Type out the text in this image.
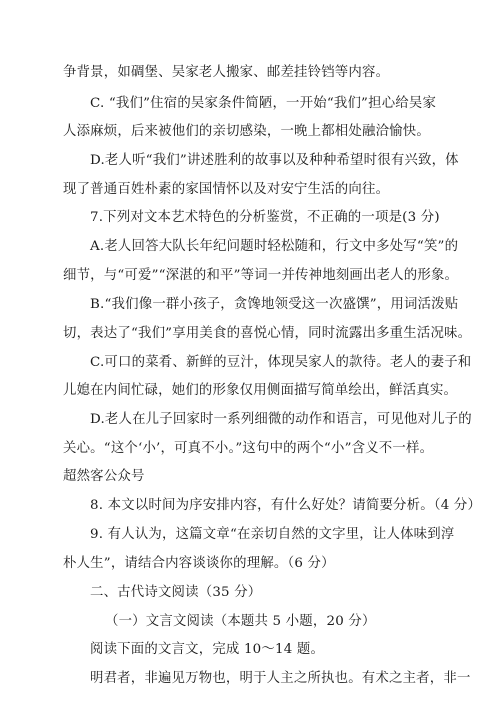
争背景，如碉堡、吴家老人搬家、邮差挂铃铛等内容。
C. “我们”住宿的吴家条件简陋，一开始“我们”担心给吴家
人添麻烦，后来被他们的亲切感染，一晚上都相处融洽愉快。
D.老人听“我们”讲述胜利的故事以及种种希望时很有兴致，体
现了普通百姓朴素的家国情怀以及对安宁生活的向往。
7.下列对文本艺术特色的分析鉴赏，不正确的一项是(3 分)
A.老人回答大队长年纪问题时轻松随和，行文中多处写“笑”的
细节，与“可爱”“深湛的和平”等词一并传神地刻画出老人的形象。
B.“我们像一群小孩子，贪馋地领受这一次盛馔”，用词活泼贴
切，表达了“我们”享用美食的喜悦心情，同时流露出多重生活况味。
C.可口的菜肴、新鲜的豆汁，体现吴家人的款待。老人的妻子和
儿媳在内间忙碌，她们的形象仅用侧面描写简单绘出，鲜活真实。
D.老人在儿子回家时一系列细微的动作和语言，可见他对儿子的
关心。“这个‘小’，可真不小。”这句中的两个“小”含义不一样。
超然客公众号
8. 本文以时间为序安排内容，有什么好处？请简要分析。（4 分）
9. 有人认为，这篇文章“在亲切自然的文字里，让人体味到淳
朴人生”，请结合内容谈谈你的理解。（6 分）
二、古代诗文阅读（35 分）
（一）文言文阅读（本题共 5 小题，20 分）
阅读下面的文言文，完成 10～14 题。
明君者，非遍见万物也，明于人主之所执也。有术之主者，非一
